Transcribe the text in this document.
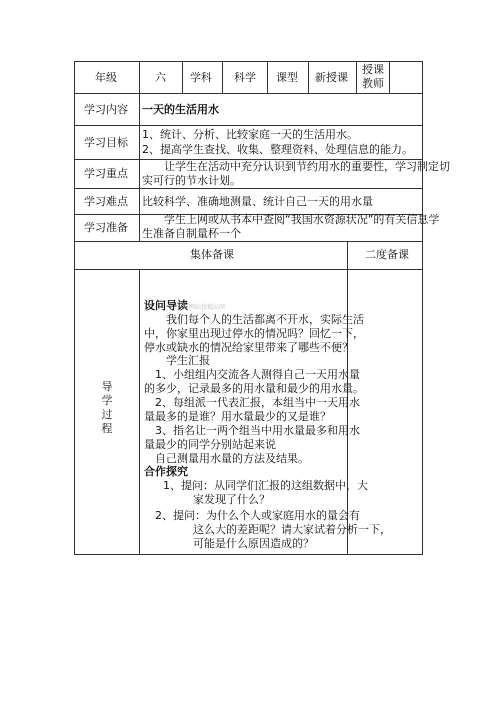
年级	六 学科 科学 课型 新授课
授课
教师
学习内容 一天的生活用水
学习目标
1、统计、分析、比较家庭一天的生活用水。
2、提高学生查找、收集、整理资料、处理信息的能力。
学习重点
让学生在活动中充分认识到节约用水的重要性，学习制定切
实可行的节水计划。
学习难点 比较科学、准确地测量、统计自己一天的用水量
学习准备
学生上网或从书本中查阅“我国水资源状况”的有关信息学
生准备自制量杯一个
集体备课	二度备课
导学过程
设问导读
好网站找精品网
我们每个人的生活都离不开水，实际生活
中，你家里出现过停水的情况吗？回忆一下，
停水或缺水的情况给家里带来了哪些不便？
学生汇报
1、小组组内交流各人测得自己一天用水量
的多少，记录最多的用水量和最少的用水量。
2、每组派一代表汇报，本组当中一天用水
量最多的是谁？用水量最少的又是谁？
3、指名让一两个组当中用水量最多和用水
量最少的同学分别站起来说
自己测量用水量的方法及结果。
合作探究
1、提问：从同学们汇报的这组数据中，大
家发现了什么？
2、提问：为什么个人或家庭用水的量会有
这么大的差距呢？请大家试着分析一下，
可能是什么原因造成的？
